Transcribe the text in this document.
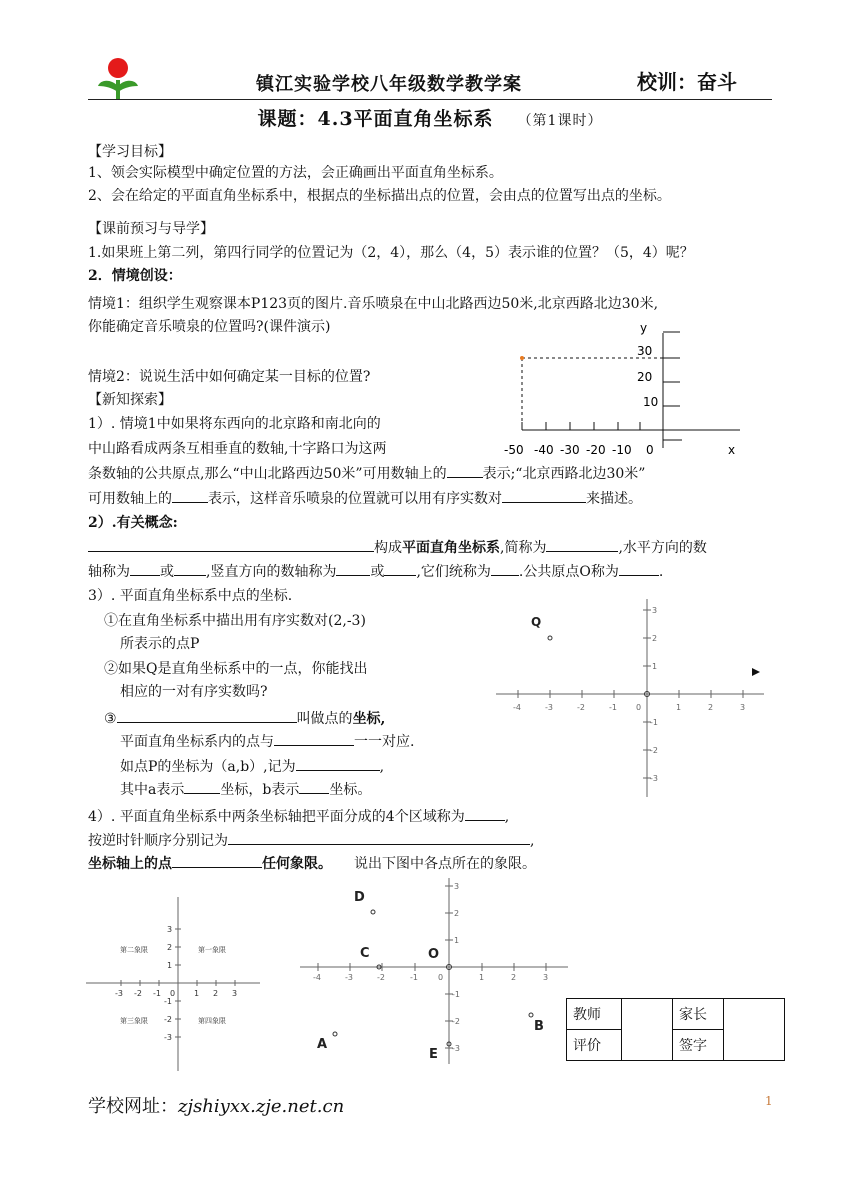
镇江实验学校八年级数学教学案	校训：奋斗
课题：4.3平面直角坐标系 （第1课时）
【学习目标】
1、领会实际模型中确定位置的方法，会正确画出平面直角坐标系。
2、会在给定的平面直角坐标系中，根据点的坐标描出点的位置，会由点的位置写出点的坐标。
【课前预习与导学】
1.如果班上第二列，第四行同学的位置记为（2，4），那么（4，5）表示谁的位置？（5，4）呢？
2．情境创设：
情境1：组织学生观察课本P123页的图片.音乐喷泉在中山北路西边50米,北京西路北边30米,
你能确定音乐喷泉的位置吗?(课件演示)
情境2：说说生活中如何确定某一目标的位置?
y
30
20
10
-50 -40 -30 -20 -10 0	x
【新知探索】
1）. 情境1中如果将东西向的北京路和南北向的
中山路看成两条互相垂直的数轴,十字路口为这两
条数轴的公共原点,那么“中山北路西边50米”可用数轴上的	表示;“北京西路北边30米”
可用数轴上的	表示，这样音乐喷泉的位置就可以用有序实数对	来描述。
2）.有关概念:
构成平面直角坐标系,简称为	,水平方向的数
轴称为 或 ,竖直方向的数轴称为 或 ,它们统称为 .公共原点O称为	.
3）. 平面直角坐标系中点的坐标.
①在直角坐标系中描出用有序实数对(2,-3)
所表示的点P
②如果Q是直角坐标系中的一点，你能找出
相应的一对有序实数吗?
③	叫做点的坐标,
平面直角坐标系内的点与	一一对应.
如点P的坐标为（a,b）,记为	,
其中a表示	坐标，b表示 坐标。
-4	-3	-2	-1 0	1	2	3
3
2
1
-1
-2
-3
Q
4）. 平面直角坐标系中两条坐标轴把平面分成的4个区域称为	,
按逆时针顺序分别记为	,
坐标轴上的点	任何象限。 说出下图中各点所在的象限。
-3 -2 -1 0 1 2 3
3
2
1
-1
-2
-3
第二象限	第一象限
第三象限	第四象限
-4	-3	-2	-1	0	1	2	3
3
2
1
-1
-2
-3
D
C	O
A
E
B
教师		家长	
评价		签字	
学校网址：zjshiyxx.zje.net.cn	1
